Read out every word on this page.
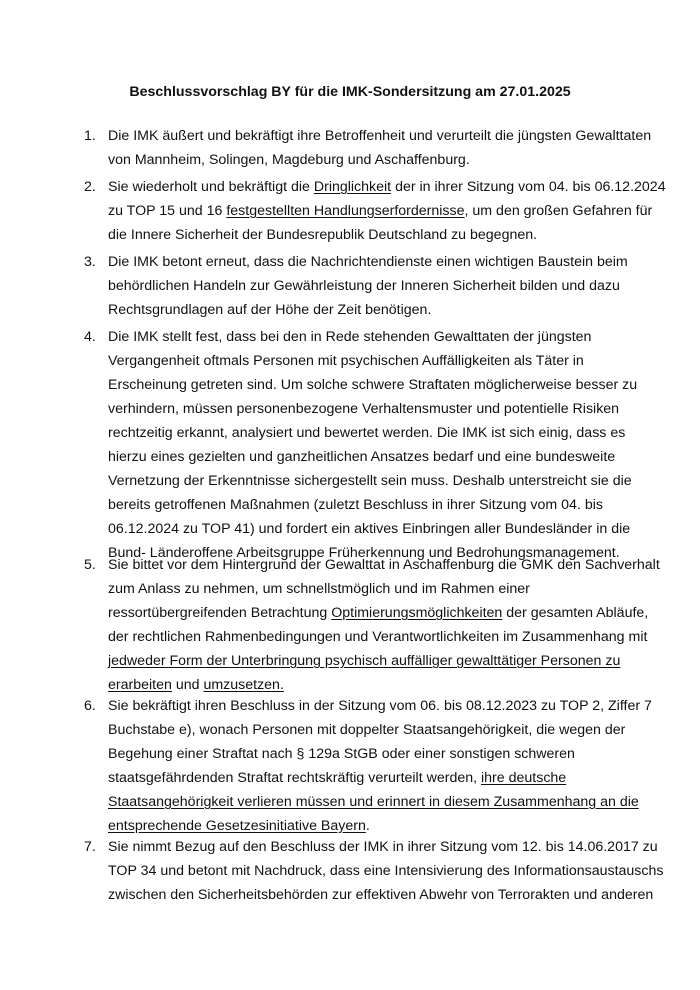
Beschlussvorschlag BY für die IMK-Sondersitzung am 27.01.2025
1. Die IMK äußert und bekräftigt ihre Betroffenheit und verurteilt die jüngsten Gewalttaten
von Mannheim, Solingen, Magdeburg und Aschaffenburg.
2. Sie wiederholt und bekräftigt die Dringlichkeit der in ihrer Sitzung vom 04. bis 06.12.2024
zu TOP 15 und 16 festgestellten Handlungserfordernisse, um den großen Gefahren für
die Innere Sicherheit der Bundesrepublik Deutschland zu begegnen.
3. Die IMK betont erneut, dass die Nachrichtendienste einen wichtigen Baustein beim
behördlichen Handeln zur Gewährleistung der Inneren Sicherheit bilden und dazu
Rechtsgrundlagen auf der Höhe der Zeit benötigen.
4. Die IMK stellt fest, dass bei den in Rede stehenden Gewalttaten der jüngsten
Vergangenheit oftmals Personen mit psychischen Auffälligkeiten als Täter in
Erscheinung getreten sind. Um solche schwere Straftaten möglicherweise besser zu
verhindern, müssen personenbezogene Verhaltensmuster und potentielle Risiken
rechtzeitig erkannt, analysiert und bewertet werden. Die IMK ist sich einig, dass es
hierzu eines gezielten und ganzheitlichen Ansatzes bedarf und eine bundesweite
Vernetzung der Erkenntnisse sichergestellt sein muss. Deshalb unterstreicht sie die
bereits getroffenen Maßnahmen (zuletzt Beschluss in ihrer Sitzung vom 04. bis
06.12.2024 zu TOP 41) und fordert ein aktives Einbringen aller Bundesländer in die
Bund- Länderoffene Arbeitsgruppe Früherkennung und Bedrohungsmanagement.
5. Sie bittet vor dem Hintergrund der Gewalttat in Aschaffenburg die GMK den Sachverhalt
zum Anlass zu nehmen, um schnellstmöglich und im Rahmen einer
ressortübergreifenden Betrachtung Optimierungsmöglichkeiten der gesamten Abläufe,
der rechtlichen Rahmenbedingungen und Verantwortlichkeiten im Zusammenhang mit
jedweder Form der Unterbringung psychisch auffälliger gewalttätiger Personen zu
erarbeiten und umzusetzen.
6. Sie bekräftigt ihren Beschluss in der Sitzung vom 06. bis 08.12.2023 zu TOP 2, Ziffer 7
Buchstabe e), wonach Personen mit doppelter Staatsangehörigkeit, die wegen der
Begehung einer Straftat nach § 129a StGB oder einer sonstigen schweren
staatsgefährdenden Straftat rechtskräftig verurteilt werden, ihre deutsche
Staatsangehörigkeit verlieren müssen und erinnert in diesem Zusammenhang an die
entsprechende Gesetzesinitiative Bayern.
7. Sie nimmt Bezug auf den Beschluss der IMK in ihrer Sitzung vom 12. bis 14.06.2017 zu
TOP 34 und betont mit Nachdruck, dass eine Intensivierung des Informationsaustauschs
zwischen den Sicherheitsbehörden zur effektiven Abwehr von Terrorakten und anderen
